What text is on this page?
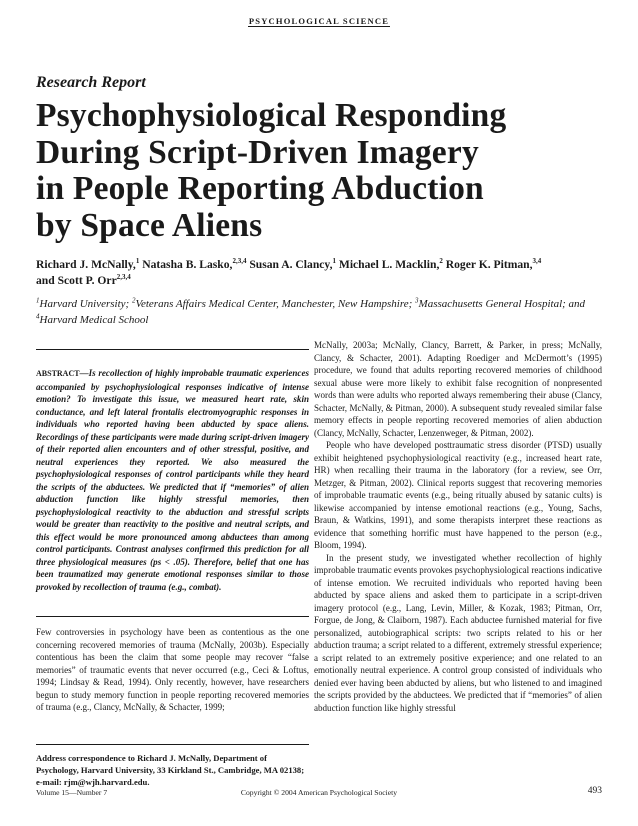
PSYCHOLOGICAL SCIENCE
Research Report
Psychophysiological Responding
During Script-Driven Imagery
in People Reporting Abduction
by Space Aliens
Richard J. McNally,$^1$ Natasha B. Lasko,$^{2,3,4}$ Susan A. Clancy,$^1$ Michael L. Macklin,$^2$ Roger K. Pitman,$^{3,4}$
and Scott P. Orr$^{2,3,4}$
$^1$Harvard University; $^2$Veterans Affairs Medical Center, Manchester, New Hampshire; $^3$Massachusetts General Hospital; and $^4$Harvard Medical School
ABSTRACT—Is recollection of highly improbable traumatic experiences accompanied by psychophysiological responses indicative of intense emotion? To investigate this issue, we measured heart rate, skin conductance, and left lateral frontalis electromyographic responses in individuals who reported having been abducted by space aliens. Recordings of these participants were made during script-driven imagery of their reported alien encounters and of other stressful, positive, and neutral experiences they reported. We also measured the psychophysiological responses of control participants while they heard the scripts of the abductees. We predicted that if “memories” of alien abduction function like highly stressful memories, then psychophysiological reactivity to the abduction and stressful scripts would be greater than reactivity to the positive and neutral scripts, and this effect would be more pronounced among abductees than among control participants. Contrast analyses confirmed this prediction for all three physiological measures (ps < .05). Therefore, belief that one has been traumatized may generate emotional responses similar to those provoked by recollection of trauma (e.g., combat).
Few controversies in psychology have been as contentious as the one concerning recovered memories of trauma (McNally, 2003b). Especially contentious has been the claim that some people may recover “false memories” of traumatic events that never occurred (e.g., Ceci & Loftus, 1994; Lindsay & Read, 1994). Only recently, however, have researchers begun to study memory function in people reporting recovered memories of trauma (e.g., Clancy, McNally, & Schacter, 1999;
Address correspondence to Richard J. McNally, Department of Psychology, Harvard University, 33 Kirkland St., Cambridge, MA 02138; e-mail: rjm@wjh.harvard.edu.

McNally, 2003a; McNally, Clancy, Barrett, & Parker, in press; McNally, Clancy, & Schacter, 2001). Adapting Roediger and McDermott’s (1995) procedure, we found that adults reporting recovered memories of childhood sexual abuse were more likely to exhibit false recognition of nonpresented words than were adults who reported always remembering their abuse (Clancy, Schacter, McNally, & Pitman, 2000). A subsequent study revealed similar false memory effects in people reporting recovered memories of alien abduction (Clancy, McNally, Schacter, Lenzenweger, & Pitman, 2002).

People who have developed posttraumatic stress disorder (PTSD) usually exhibit heightened psychophysiological reactivity (e.g., increased heart rate, HR) when recalling their trauma in the laboratory (for a review, see Orr, Metzger, & Pitman, 2002). Clinical reports suggest that recovering memories of improbable traumatic events (e.g., being ritually abused by satanic cults) is likewise accompanied by intense emotional reactions (e.g., Young, Sachs, Braun, & Watkins, 1991), and some therapists interpret these reactions as evidence that something horrific must have happened to the person (e.g., Bloom, 1994).

In the present study, we investigated whether recollection of highly improbable traumatic events provokes psychophysiological reactions indicative of intense emotion. We recruited individuals who reported having been abducted by space aliens and asked them to participate in a script-driven imagery protocol (e.g., Lang, Levin, Miller, & Kozak, 1983; Pitman, Orr, Forgue, de Jong, & Claiborn, 1987). Each abductee furnished material for five personalized, autobiographical scripts: two scripts related to his or her abduction trauma; a script related to a different, extremely stressful experience; a script related to an extremely positive experience; and one related to an emotionally neutral experience. A control group consisted of individuals who denied ever having been abducted by aliens, but who listened to and imagined the scripts provided by the abductees. We predicted that if “memories” of alien abduction function like highly stressful

Volume 15—Number 7	Copyright © 2004 American Psychological Society	493
